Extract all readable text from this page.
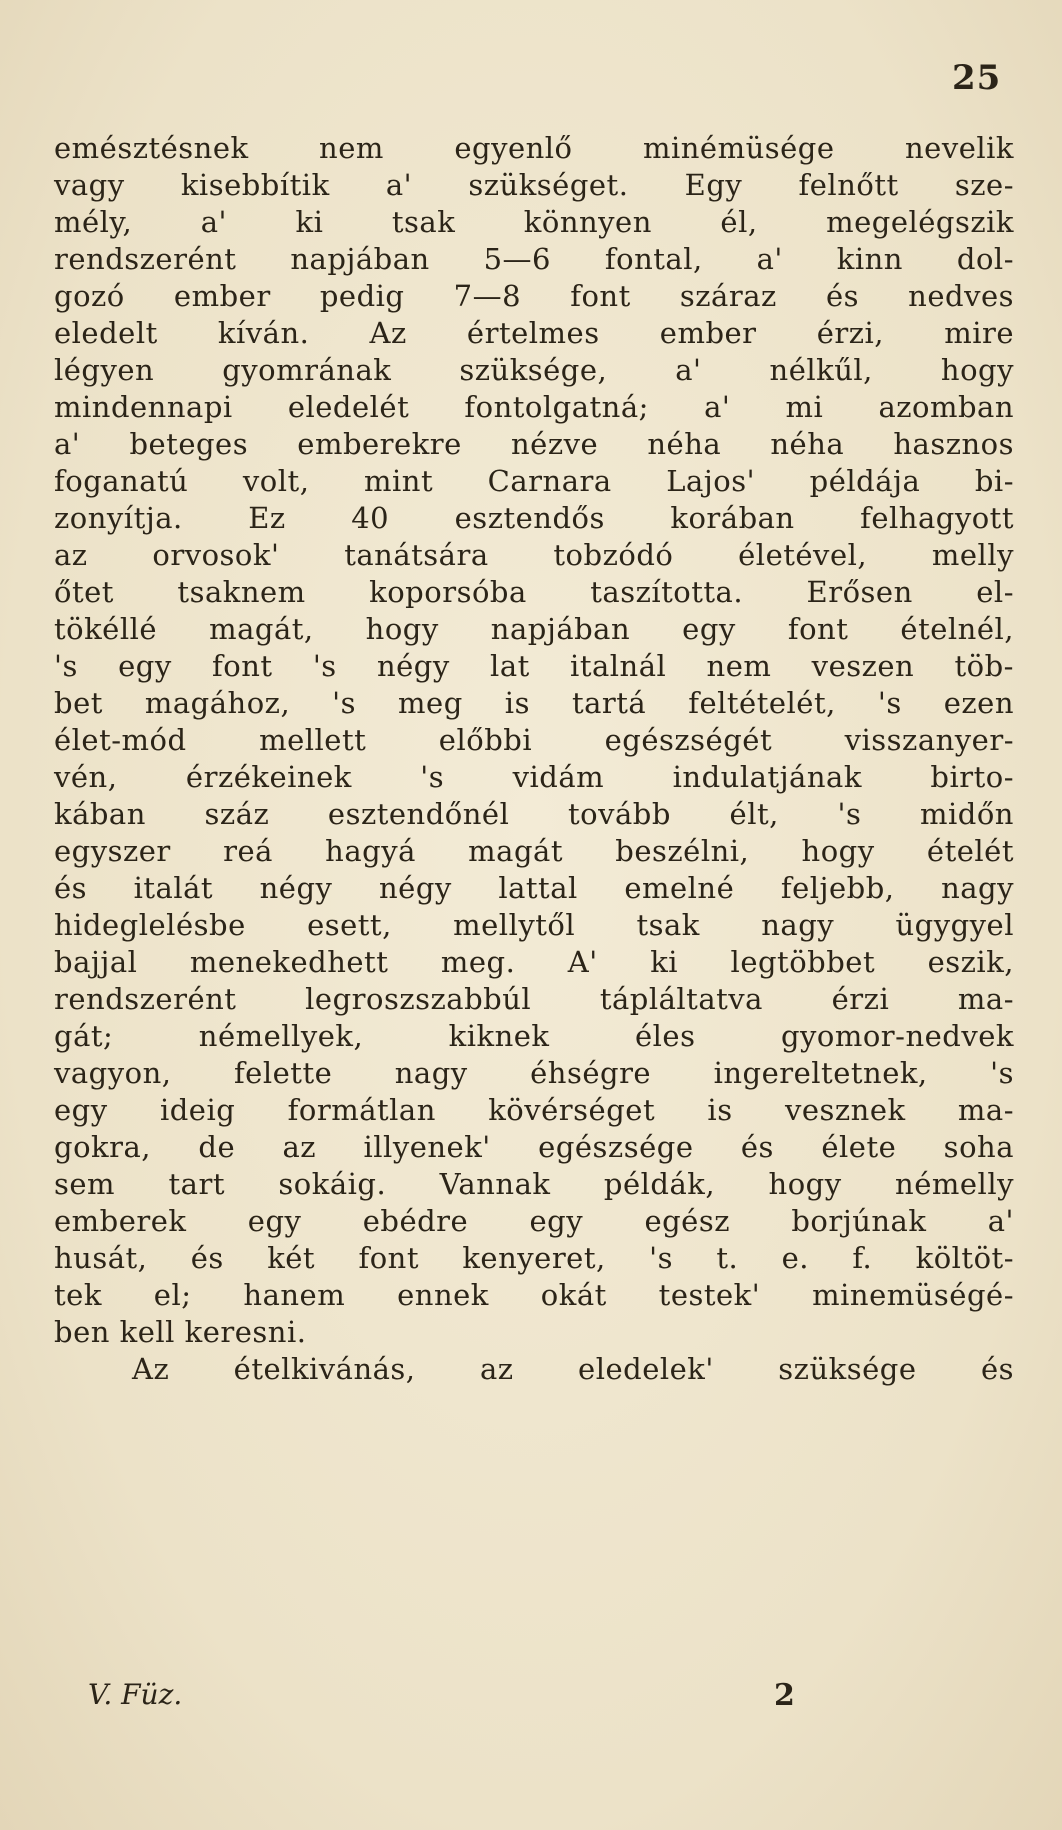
25
emésztésnek nem egyenlő minémüsége nevelik
vagy kisebbítik a' szükséget. Egy felnőtt sze-
mély, a' ki tsak könnyen él, megelégszik
rendszerént napjában 5—6 fontal, a' kinn dol-
gozó ember pedig 7—8 font száraz és nedves
eledelt kíván. Az értelmes ember érzi, mire
légyen gyomrának szüksége, a' nélkűl, hogy
mindennapi eledelét fontolgatná; a' mi azomban
a' beteges emberekre nézve néha néha hasznos
foganatú volt, mint Carnara Lajos' példája bi-
zonyítja. Ez 40 esztendős korában felhagyott
az orvosok' tanátsára tobzódó életével, melly
őtet tsaknem koporsóba taszította. Erősen el-
tökéllé magát, hogy napjában egy font ételnél,
's egy font 's négy lat italnál nem veszen töb-
bet magához, 's meg is tartá feltételét, 's ezen
élet-mód mellett előbbi egészségét visszanyer-
vén, érzékeinek 's vidám indulatjának birto-
kában száz esztendőnél tovább élt, 's midőn
egyszer reá hagyá magát beszélni, hogy ételét
és italát négy négy lattal emelné feljebb, nagy
hideglelésbe esett, mellytől tsak nagy ügygyel
bajjal menekedhett meg. A' ki legtöbbet eszik,
rendszerént legroszszabbúl tápláltatva érzi ma-
gát; némellyek, kiknek éles gyomor-nedvek
vagyon, felette nagy éhségre ingereltetnek, 's
egy ideig formátlan kövérséget is vesznek ma-
gokra, de az illyenek' egészsége és élete soha
sem tart sokáig. Vannak példák, hogy némelly
emberek egy ebédre egy egész borjúnak a'
husát, és két font kenyeret, 's t. e. f. költöt-
tek el; hanem ennek okát testek' minemüségé-
ben kell keresni.
Az ételkivánás, az eledelek' szüksége és
V. Füz.	2
